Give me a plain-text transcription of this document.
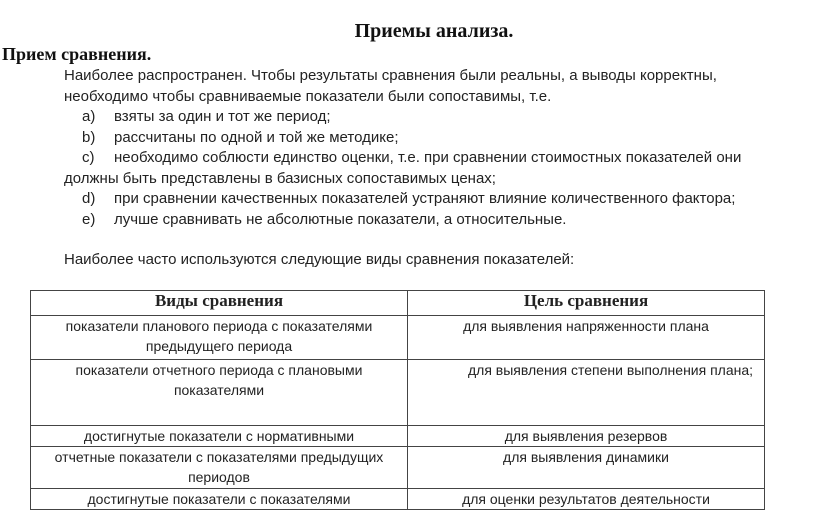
Приемы анализа.
Прием сравнения.

Наиболее распространен. Чтобы результаты сравнения были реальны, а выводы корректны, необходимо чтобы сравниваемые показатели были сопоставимы, т.е.

a) взяты за один и тот же период;
b) рассчитаны по одной и той же методике;
c) необходимо соблюсти единство оценки, т.е. при сравнении стоимостных показателей они должны быть представлены в базисных сопоставимых ценах;
d) при сравнении качественных показателей устраняют влияние количественного фактора;
e) лучше сравнивать не абсолютные показатели, а относительные.

Наиболее часто используются следующие виды сравнения показателей:

Виды сравнения	Цель сравнения
показатели планового периода с показателями предыдущего периода	для выявления напряженности плана
показатели отчетного периода с плановыми показателями	для выявления степени выполнения плана;
достигнутые показатели с нормативными	для выявления резервов
отчетные показатели с показателями предыдущих периодов	для выявления динамики
достигнутые показатели с показателями	для оценки результатов деятельности
